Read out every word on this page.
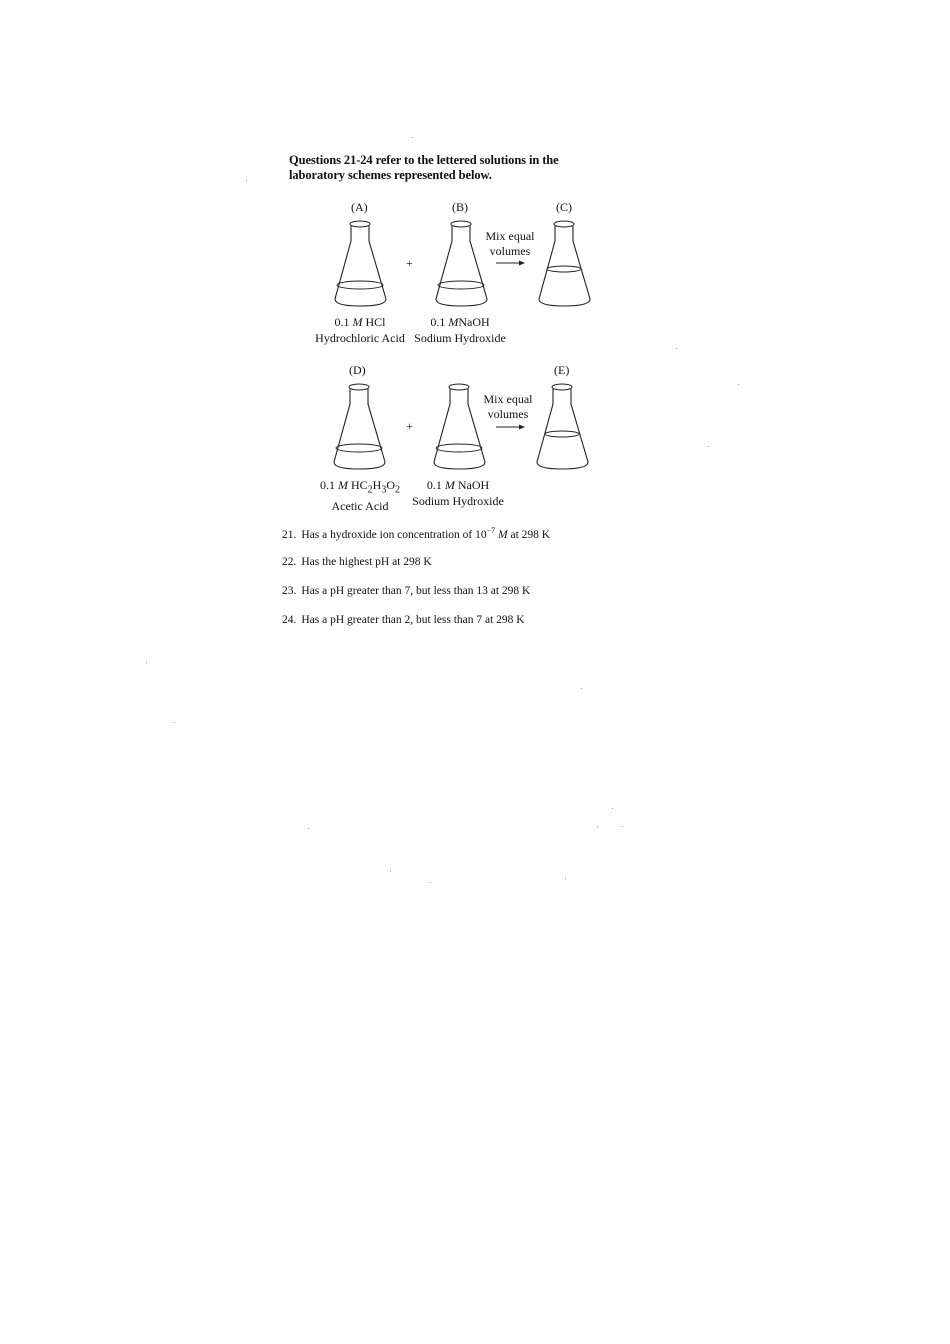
Questions 21-24 refer to the lettered solutions in the laboratory schemes represented below.
(A)	(B)	(C)
+
Mix equal
volumes
0.1 M HCl
Hydrochloric Acid
0.1 MNaOH
Sodium Hydroxide
(D)	(E)
+
Mix equal
volumes
0.1 M $HC_2H_3O_2$
Acetic Acid
0.1 M NaOH
Sodium Hydroxide
21. Has a hydroxide ion concentration of $10^{-7}$ M at 298 K
22. Has the highest pH at 298 K
23. Has a pH greater than 7, but less than 13 at 298 K
24. Has a pH greater than 2, but less than 7 at 298 K
